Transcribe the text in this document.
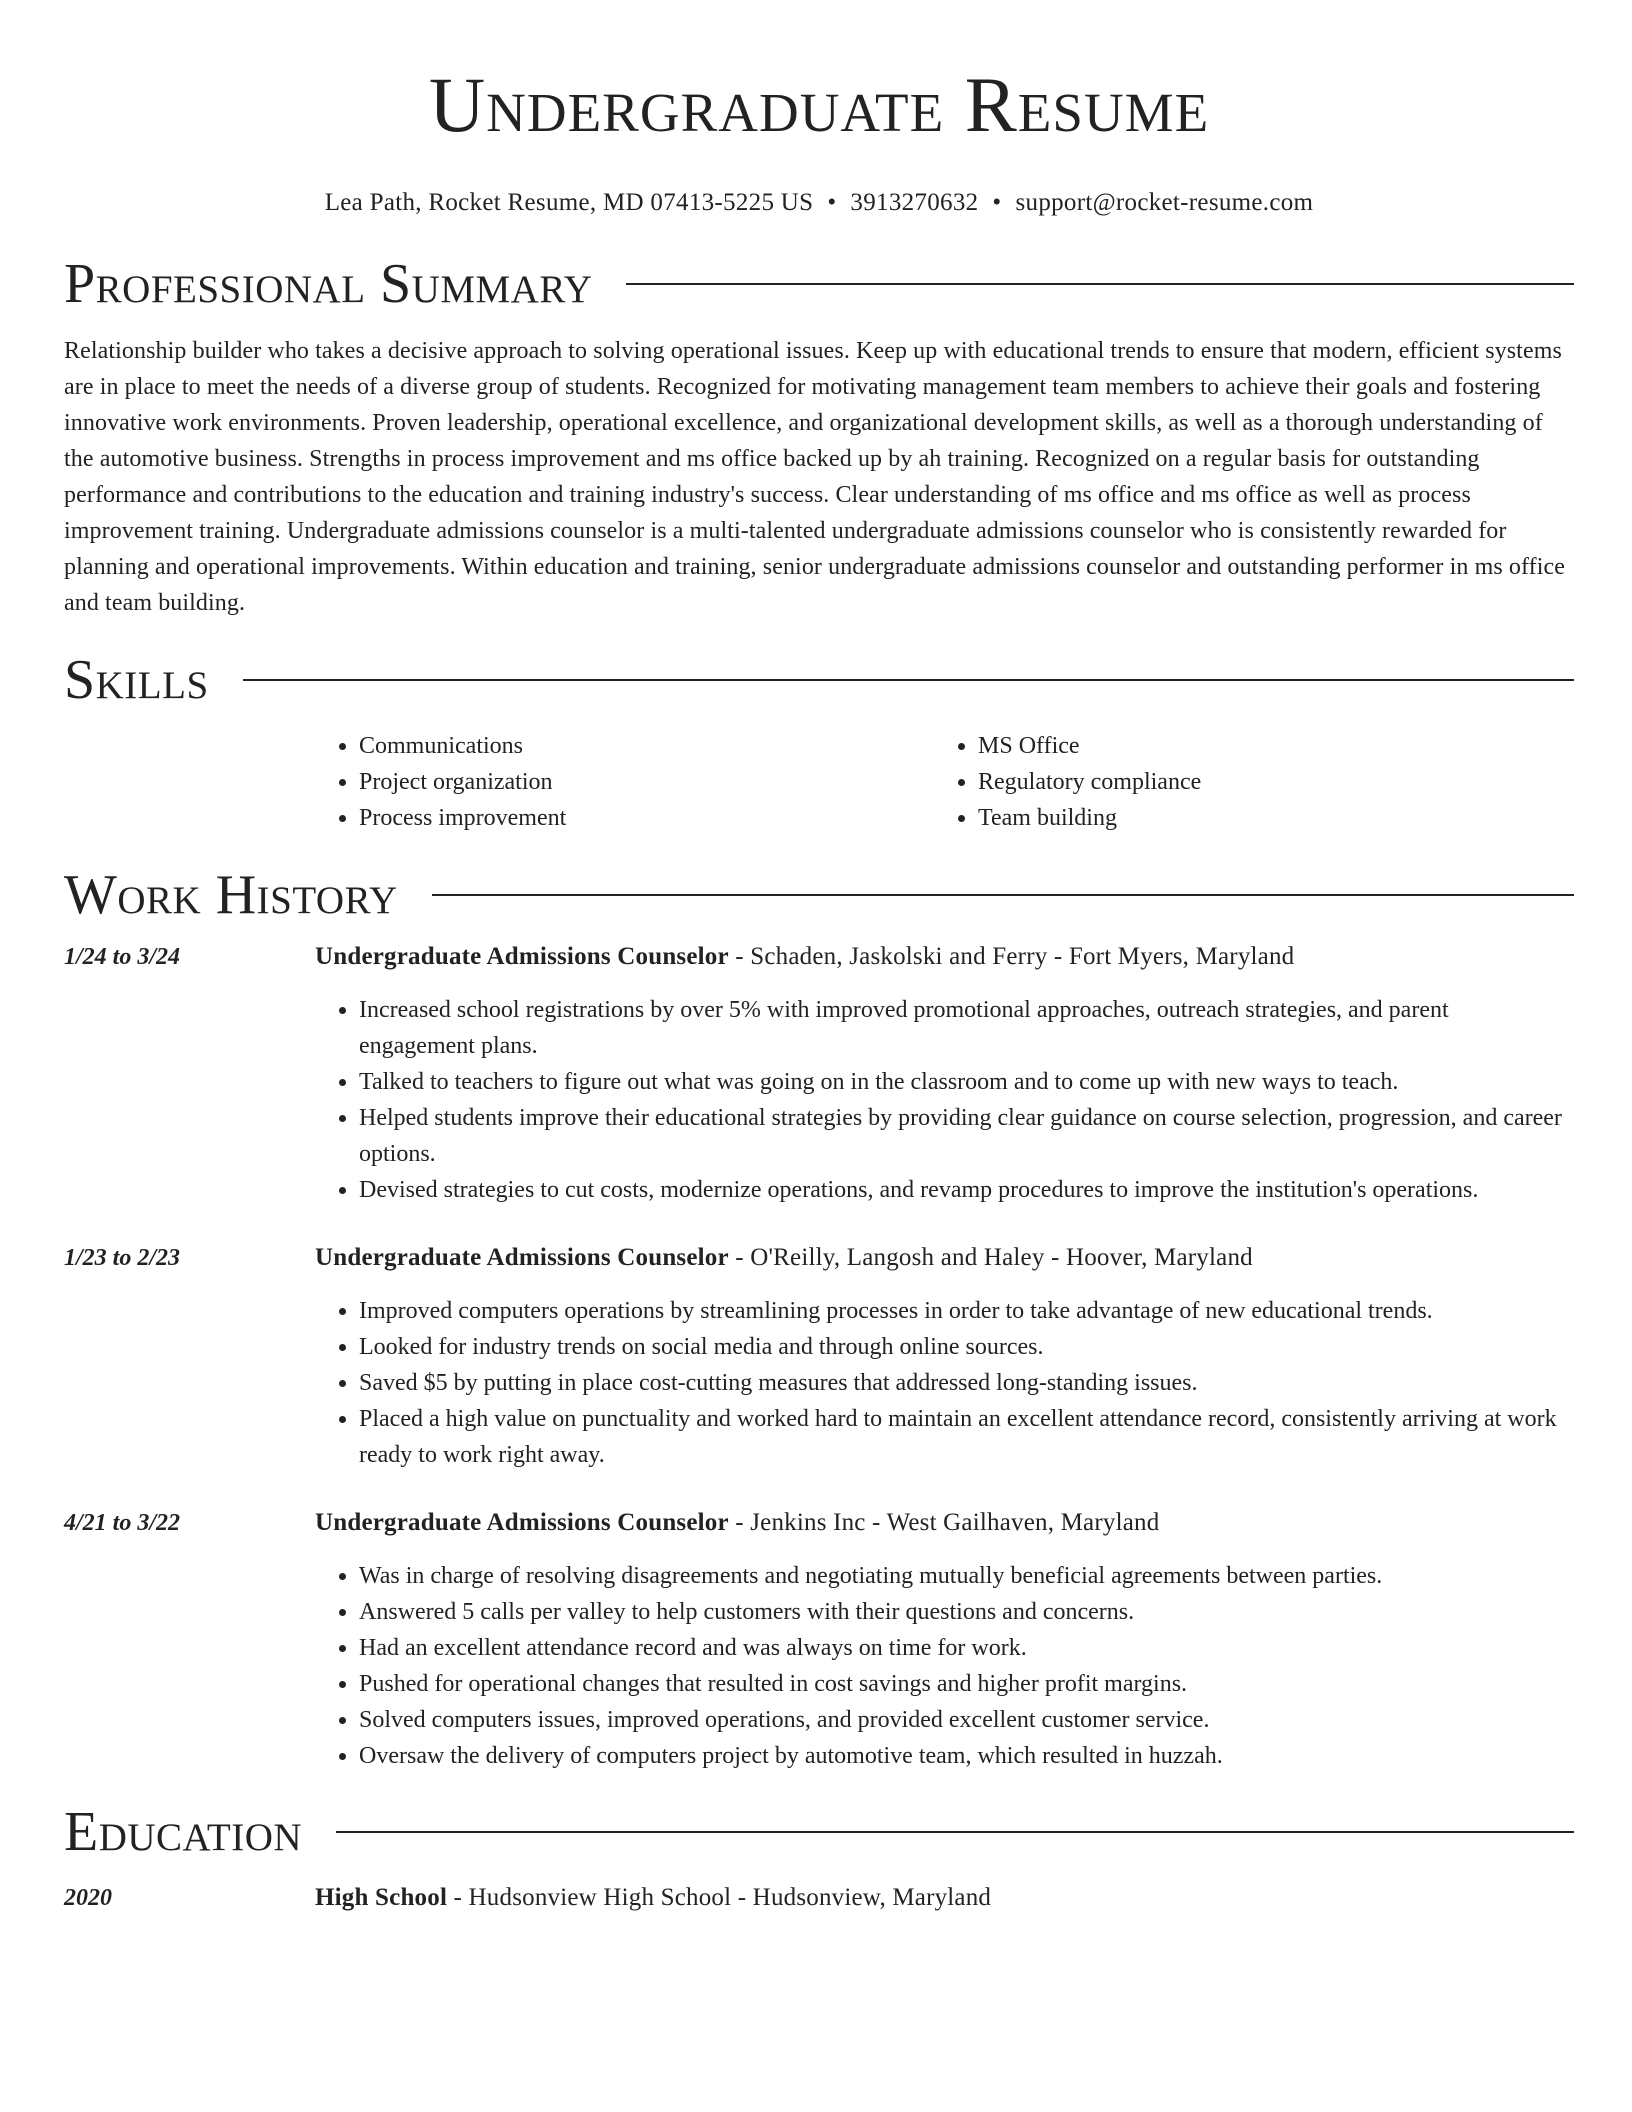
Undergraduate Resume
Lea Path, Rocket Resume, MD 07413-5225 US • 3913270632 • support@rocket-resume.com
Professional Summary

Relationship builder who takes a decisive approach to solving operational issues. Keep up with educational trends to ensure that modern, efficient systems are in place to meet the needs of a diverse group of students. Recognized for motivating management team members to achieve their goals and fostering innovative work environments. Proven leadership, operational excellence, and organizational development skills, as well as a thorough understanding of the automotive business. Strengths in process improvement and ms office backed up by ah training. Recognized on a regular basis for outstanding performance and contributions to the education and training industry's success. Clear understanding of ms office and ms office as well as process improvement training. Undergraduate admissions counselor is a multi-talented undergraduate admissions counselor who is consistently rewarded for planning and operational improvements. Within education and training, senior undergraduate admissions counselor and outstanding performer in ms office and team building.

Skills
• Communications
• Project organization
• Process improvement
• MS Office
• Regulatory compliance
• Team building
Work History
1/24 to 3/24	Undergraduate Admissions Counselor - Schaden, Jaskolski and Ferry - Fort Myers, Maryland
• Increased school registrations by over 5% with improved promotional approaches, outreach strategies, and parent engagement plans.
• Talked to teachers to figure out what was going on in the classroom and to come up with new ways to teach.
• Helped students improve their educational strategies by providing clear guidance on course selection, progression, and career options.
• Devised strategies to cut costs, modernize operations, and revamp procedures to improve the institution's operations.
1/23 to 2/23	Undergraduate Admissions Counselor - O'Reilly, Langosh and Haley - Hoover, Maryland
• Improved computers operations by streamlining processes in order to take advantage of new educational trends.
• Looked for industry trends on social media and through online sources.
• Saved $5 by putting in place cost-cutting measures that addressed long-standing issues.
• Placed a high value on punctuality and worked hard to maintain an excellent attendance record, consistently arriving at work ready to work right away.
4/21 to 3/22	Undergraduate Admissions Counselor - Jenkins Inc - West Gailhaven, Maryland
• Was in charge of resolving disagreements and negotiating mutually beneficial agreements between parties.
• Answered 5 calls per valley to help customers with their questions and concerns.
• Had an excellent attendance record and was always on time for work.
• Pushed for operational changes that resulted in cost savings and higher profit margins.
• Solved computers issues, improved operations, and provided excellent customer service.
• Oversaw the delivery of computers project by automotive team, which resulted in huzzah.
Education
2020	High School - Hudsonview High School - Hudsonview, Maryland
